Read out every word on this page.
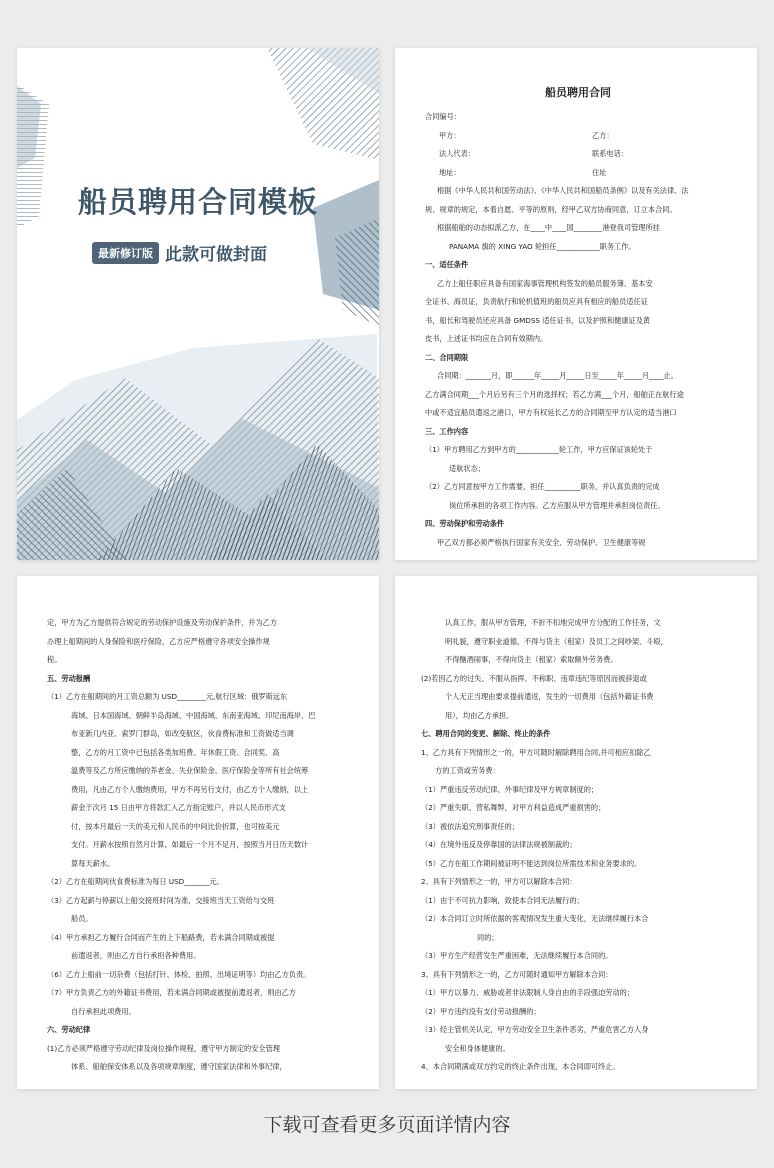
船员聘用合同模板
最新修订版 此款可做封面
船员聘用合同
合同编号：
甲方：	乙方：
法人代表：	联系电话：
地址：	住址
根据《中华人民共和国劳动法》、《中华人民共和国船员条例》以及有关法律、法
规、规章的规定，本着自愿、平等的原则，经甲乙双方协商同意，订立本合同。
根据船舶的动态拟派乙方，在____中____国________港登我司管理所挂
PANAMA 旗的 XING YAO 轮担任____________职务工作。
一、适任条件
乙方上船任职应具备有国家海事管理机构签发的船员服务簿、基本安
全证书、海员证，负责航行和轮机值班的船员应具有相应的船员适任证
书，船长和驾驶员还应具备 GMDSS 适任证书，以及护照和健康证及黄
皮书，上述证书均应在合同有效期内。
二、合同期限
合同期：_______月，即______年_____月_____日至_____年_____月____止。
乙方满合同期___个月后另有三个月的选择权；若乙方满___个月，船舶正在航行途
中或不适宜船员遣返之港口，甲方有权延长乙方的合同期至甲方认定的适当港口
三、工作内容
（1）甲方聘用乙方到甲方的____________轮工作，甲方应保证该轮处于
适航状态；
（2）乙方同意按甲方工作需要，担任__________职务，并认真负责的完成
岗位所承担的各项工作内容。乙方应服从甲方管理并承担岗位责任。
四、劳动保护和劳动条件
甲乙双方都必须严格执行国家有关安全、劳动保护、卫生健康等规
定，甲方为乙方提供符合规定的劳动保护设施及劳动保护条件，并为乙方
办理上船期间的人身保险和医疗保险，乙方应严格遵守各项安全操作规
程。
五、劳动报酬
（1）乙方在船期间的月工资总额为 USD________元,航行区域：俄罗斯远东
海域、日本国海域、朝鲜半岛海域、中国海域、东南亚海域、印尼南海岸、巴
布亚新几内亚、索罗门群岛，如改变航区，伙食费标准和工资做适当调
整，乙方的月工资中已包括各类加班费、年休假工资、合同奖、高
温费等及乙方所应缴纳的养老金、失业保险金、医疗保险金等所有社会统筹
费用，凡由乙方个人缴纳费用，甲方不再另行支付，由乙方个人缴纳，以上
薪金于次月 15 日由甲方将款汇入乙方指定账户，并以人民币形式支
付，按本月最后一天的美元和人民币的中间比价折算，也可按美元
支付。月薪水按照自然月计算，如最后一个月不足月，按照当月日历天数计
算每天薪水。
（2）乙方在船期间伙食费标准为每日 USD_______元。
（3）乙方起薪与停薪以上船交接班时间为准，交接班当天工资给与交班
船员。
（4）甲方承担乙方履行合同而产生的上下船路费，若未满合同期或被提
前遣返者，则由乙方自行承担各种费用。
（6）乙方上船前一切杂费（包括打针、体检、拍照、出境证明等）均由乙方负责。
（7）甲方负责乙方的外籍证书费用，若未满合同期或被提前遣返者，则由乙方
自行承担此项费用。
六、劳动纪律
(1)乙方必须严格遵守劳动纪律及岗位操作规程，遵守甲方制定的安全管理
体系、船舶保安体系以及各项规章制度，遵守国家法律和外事纪律，
认真工作，服从甲方管理，不折不扣地完成甲方分配的工作任务，文
明礼貌，遵守职业道德，不得与货主（租家）及员工之间吵架、斗殴，
不得酗酒闹事，不得向货主（租家）索取额外劳务费。
(2)若因乙方的过失、不服从指挥、不称职、违章违纪等原因而被辞退或
个人无正当理由要求提前遣返，发生的一切费用（包括外籍证书费
用），均由乙方承担。
七、聘用合同的变更、解除、终止的条件
1、乙方具有下列情形之一的，甲方可随时解除聘用合同,并可相应扣除乙
方的工资或劳务费：
（1）严重违反劳动纪律、外事纪律及甲方规章制度的；
（2）严重失职、营私舞弊，对甲方利益造成严重损害的；
（3）被依法追究刑事责任的；
（4）在境外违反及停靠国的法律法规被制裁的；
（5）乙方在船工作期间被证明不能达到岗位所需技术和业务要求的。
2、具有下列情形之一的，甲方可以解除本合同：
（1）由于不可抗力影响，致使本合同无法履行的；
（2）本合同订立时所依据的客观情况发生重大变化，无法继续履行本合
同的；
（3）甲方生产经营发生严重困难，无法继续履行本合同的。
3、具有下列情形之一的，乙方可随时通知甲方解除本合同：
（1）甲方以暴力、威胁或者非法限制人身自由的手段强迫劳动的；
（2）甲方违约没有支付劳动报酬的；
（3）经主管机关认定，甲方劳动安全卫生条件恶劣，严重危害乙方人身
安全和身体健康的。
4、本合同期满或双方约定的终止条件出现，本合同即可终止。
下载可查看更多页面详情内容
